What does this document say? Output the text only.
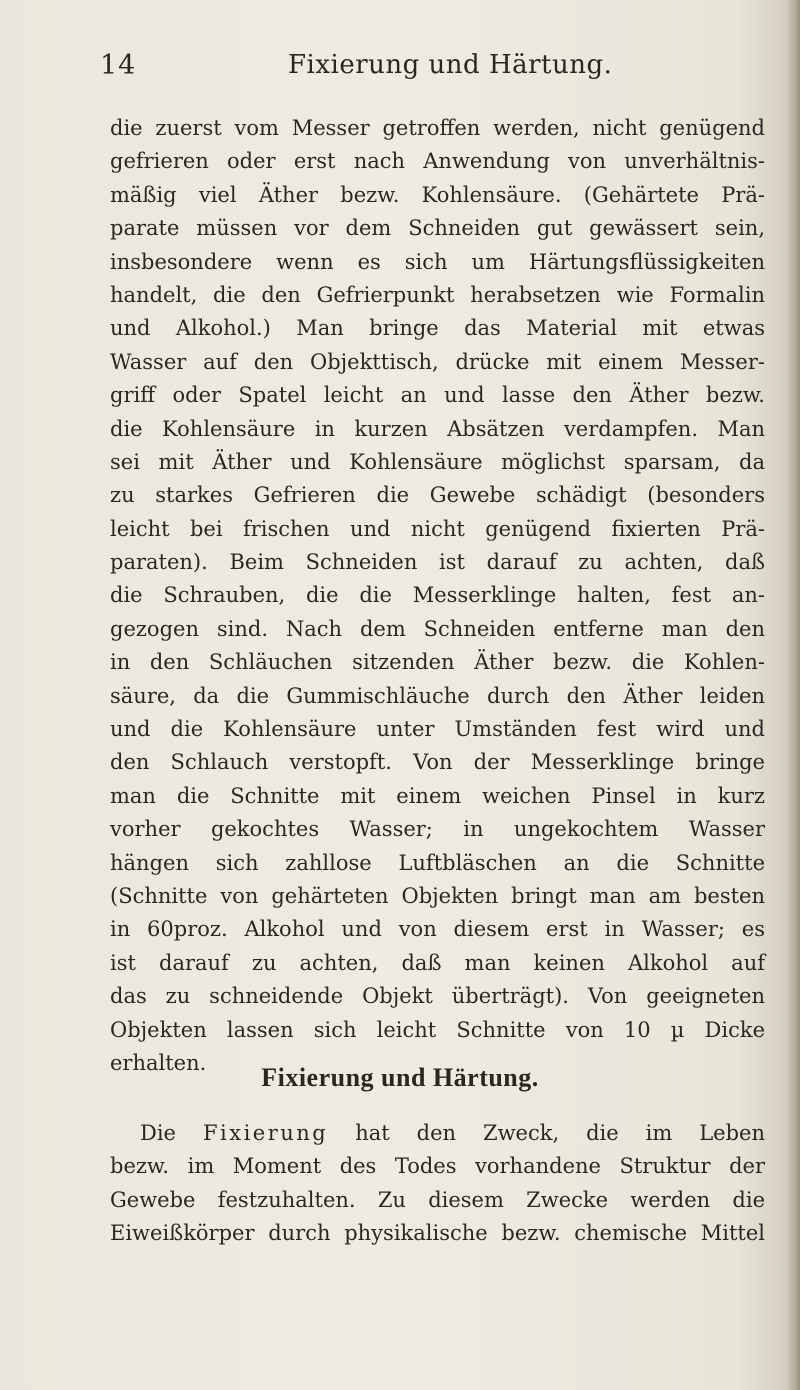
14	Fixierung und Härtung.
die zuerst vom Messer getroffen werden, nicht genügend
gefrieren oder erst nach Anwendung von unverhältnis-
mäßig viel Äther bezw. Kohlensäure. (Gehärtete Prä-
parate müssen vor dem Schneiden gut gewässert sein,
insbesondere wenn es sich um Härtungsflüssigkeiten
handelt, die den Gefrierpunkt herabsetzen wie Formalin
und Alkohol.) Man bringe das Material mit etwas
Wasser auf den Objekttisch, drücke mit einem Messer-
griff oder Spatel leicht an und lasse den Äther bezw.
die Kohlensäure in kurzen Absätzen verdampfen. Man
sei mit Äther und Kohlensäure möglichst sparsam, da
zu starkes Gefrieren die Gewebe schädigt (besonders
leicht bei frischen und nicht genügend fixierten Prä-
paraten). Beim Schneiden ist darauf zu achten, daß
die Schrauben, die die Messerklinge halten, fest an-
gezogen sind. Nach dem Schneiden entferne man den
in den Schläuchen sitzenden Äther bezw. die Kohlen-
säure, da die Gummischläuche durch den Äther leiden
und die Kohlensäure unter Umständen fest wird und
den Schlauch verstopft. Von der Messerklinge bringe
man die Schnitte mit einem weichen Pinsel in kurz
vorher gekochtes Wasser; in ungekochtem Wasser
hängen sich zahllose Luftbläschen an die Schnitte
(Schnitte von gehärteten Objekten bringt man am besten
in 60proz. Alkohol und von diesem erst in Wasser; es
ist darauf zu achten, daß man keinen Alkohol auf
das zu schneidende Objekt überträgt). Von geeigneten
Objekten lassen sich leicht Schnitte von 10 µ Dicke
erhalten.
Fixierung und Härtung.
Die Fixierung hat den Zweck, die im Leben
bezw. im Moment des Todes vorhandene Struktur der
Gewebe festzuhalten. Zu diesem Zwecke werden die
Eiweißkörper durch physikalische bezw. chemische Mittel
